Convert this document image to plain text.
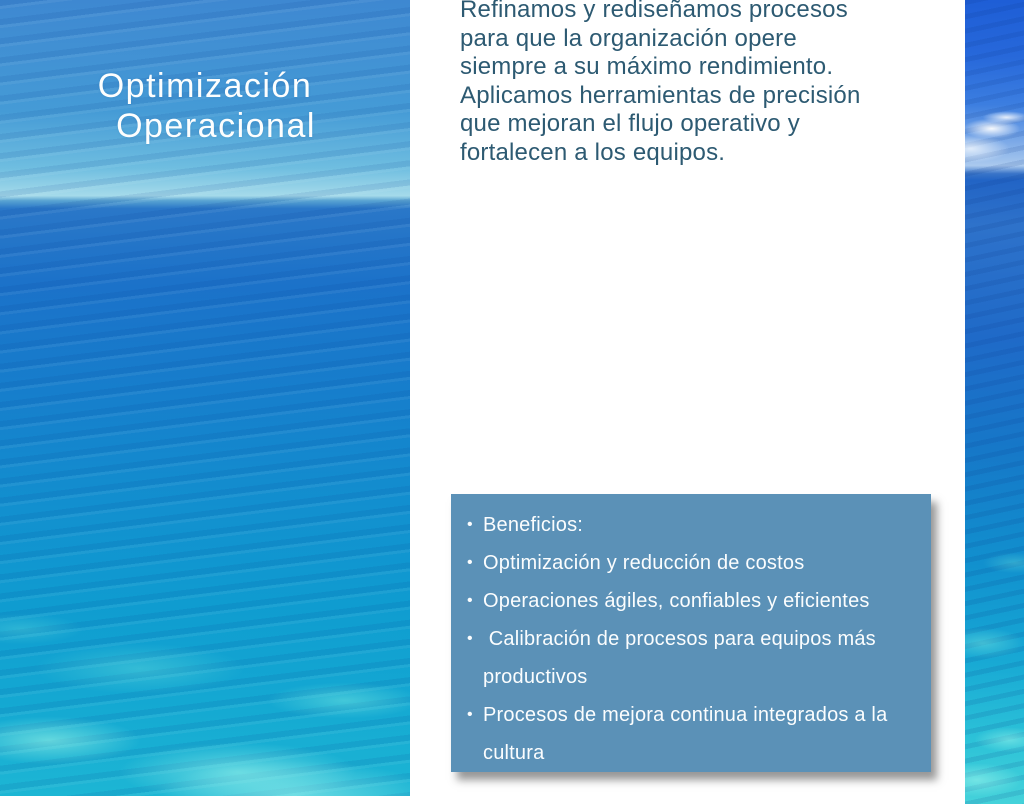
Optimización
Operacional
Refinamos y rediseñamos procesos
para que la organización opere
siempre a su máximo rendimiento.
Aplicamos herramientas de precisión
que mejoran el flujo operativo y
fortalecen a los equipos.
• Beneficios:
• Optimización y reducción de costos
• Operaciones ágiles, confiables y eficientes
• Calibración de procesos para equipos más productivos
• Procesos de mejora continua integrados a la cultura
